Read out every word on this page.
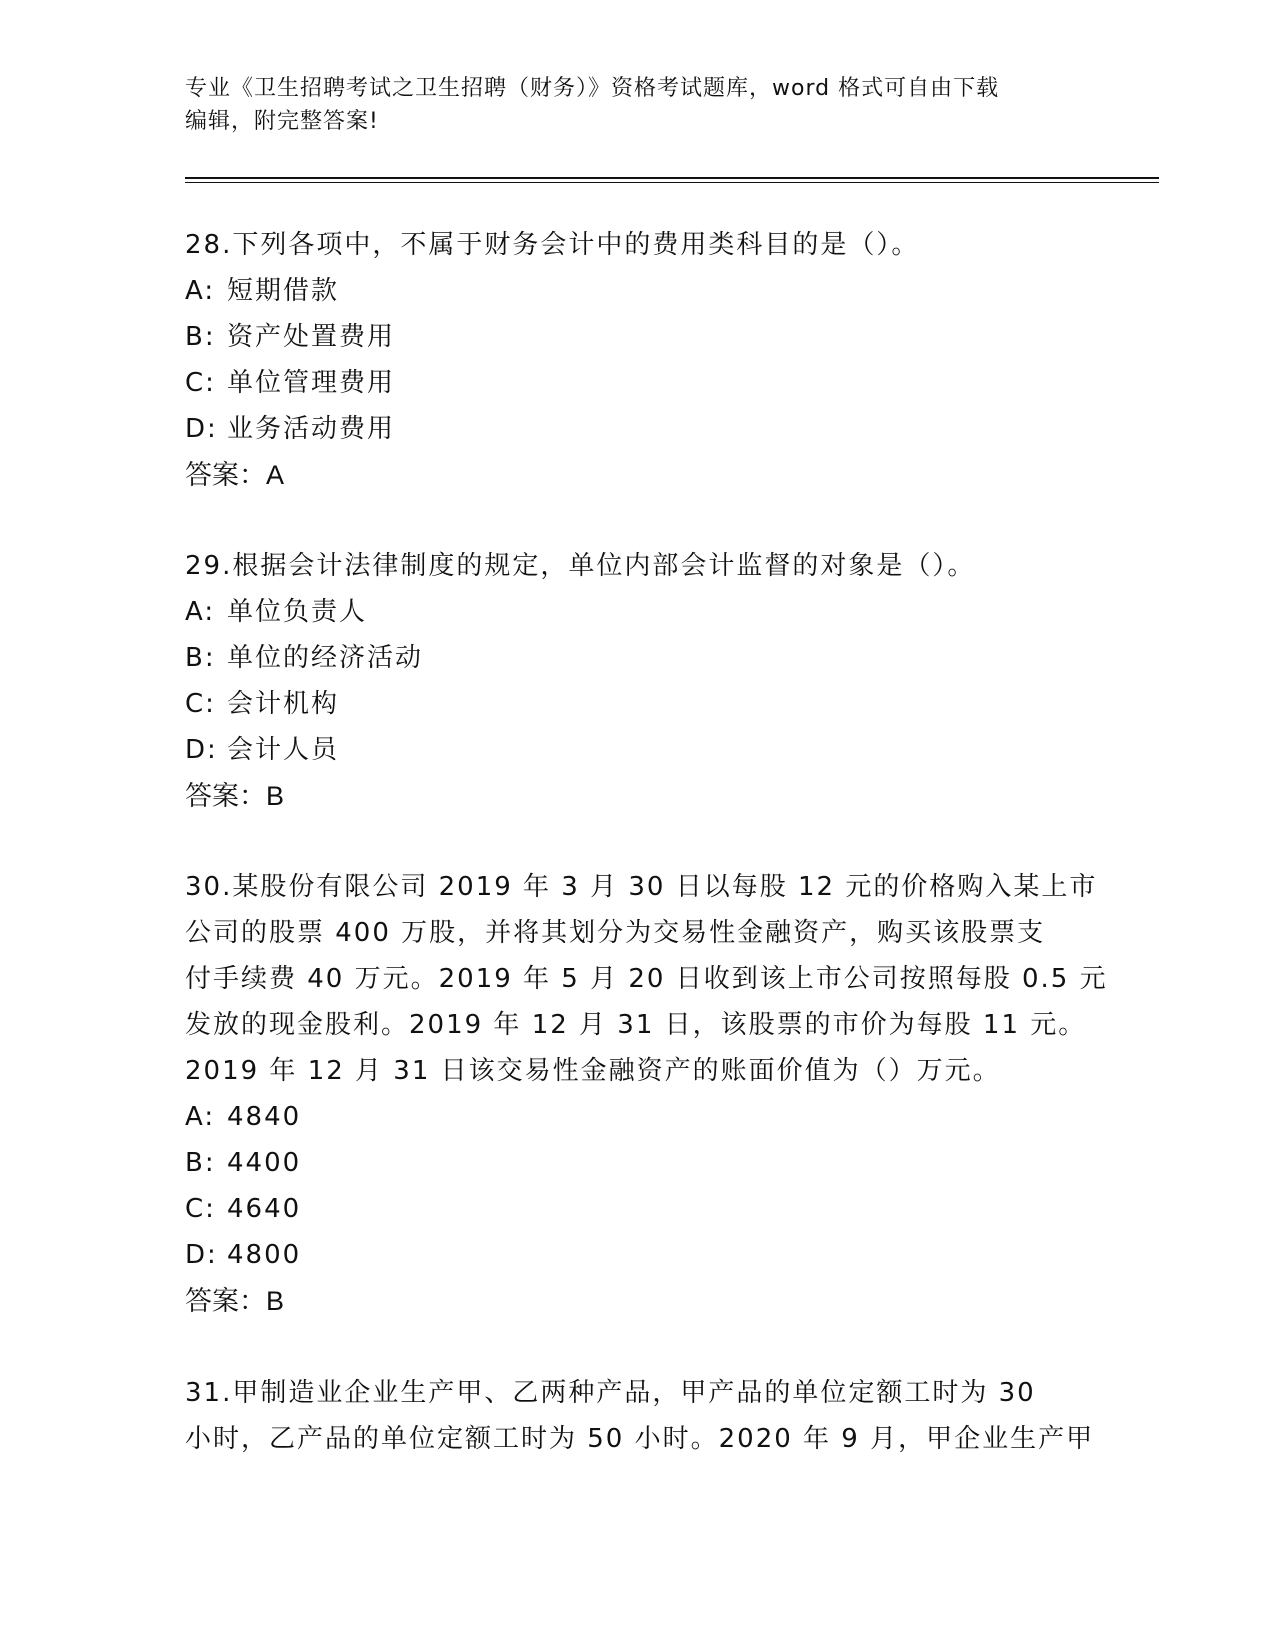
专业《卫生招聘考试之卫生招聘（财务）》资格考试题库，word 格式可自由下载
编辑，附完整答案!
28.下列各项中，不属于财务会计中的费用类科目的是（）。
A: 短期借款
B: 资产处置费用
C: 单位管理费用
D: 业务活动费用
答案：A
29.根据会计法律制度的规定，单位内部会计监督的对象是（）。
A: 单位负责人
B: 单位的经济活动
C: 会计机构
D: 会计人员
答案：B
30.某股份有限公司 2019 年 3 月 30 日以每股 12 元的价格购入某上市
公司的股票 400 万股，并将其划分为交易性金融资产，购买该股票支
付手续费 40 万元。2019 年 5 月 20 日收到该上市公司按照每股 0.5 元
发放的现金股利。2019 年 12 月 31 日，该股票的市价为每股 11 元。
2019 年 12 月 31 日该交易性金融资产的账面价值为（）万元。
A: 4840
B: 4400
C: 4640
D: 4800
答案：B
31.甲制造业企业生产甲、乙两种产品，甲产品的单位定额工时为 30
小时，乙产品的单位定额工时为 50 小时。2020 年 9 月，甲企业生产甲
